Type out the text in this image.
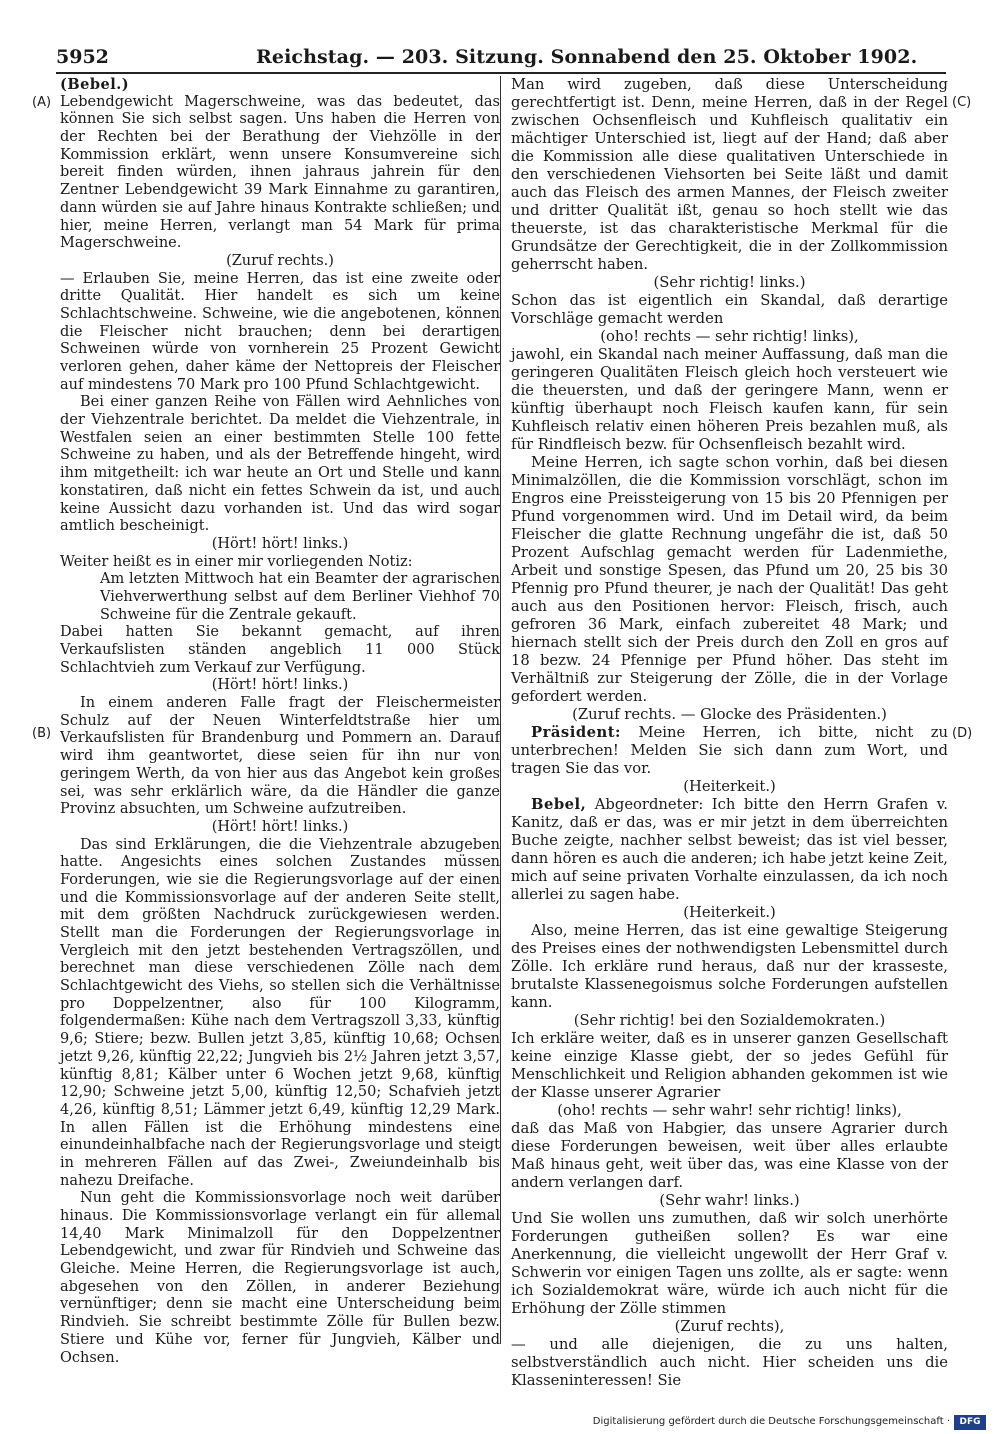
5952	Reichstag. — 203. Sitzung. Sonnabend den 25. Oktober 1902.
(A)
(B)
(C)
(D)

(Bebel.)

Lebendgewicht Magerschweine, was das bedeutet, das können Sie sich selbst sagen. Uns haben die Herren von der Rechten bei der Berathung der Viehzölle in der Kommission erklärt, wenn unsere Konsumvereine sich bereit finden würden, ihnen jahraus jahrein für den Zentner Lebendgewicht 39 Mark Einnahme zu garantiren, dann würden sie auf Jahre hinaus Kontrakte schließen; und hier, meine Herren, verlangt man 54 Mark für prima Magerschweine.

(Zuruf rechts.)

— Erlauben Sie, meine Herren, das ist eine zweite oder dritte Qualität. Hier handelt es sich um keine Schlachtschweine. Schweine, wie die angebotenen, können die Fleischer nicht brauchen; denn bei derartigen Schweinen würde von vornherein 25 Prozent Gewicht verloren gehen, daher käme der Nettopreis der Fleischer auf mindestens 70 Mark pro 100 Pfund Schlachtgewicht.

Bei einer ganzen Reihe von Fällen wird Aehnliches von der Viehzentrale berichtet. Da meldet die Viehzentrale, in Westfalen seien an einer bestimmten Stelle 100 fette Schweine zu haben, und als der Betreffende hingeht, wird ihm mitgetheilt: ich war heute an Ort und Stelle und kann konstatiren, daß nicht ein fettes Schwein da ist, und auch keine Aussicht dazu vorhanden ist. Und das wird sogar amtlich bescheinigt.

(Hört! hört! links.)

Weiter heißt es in einer mir vorliegenden Notiz:

Am letzten Mittwoch hat ein Beamter der agrarischen Viehverwerthung selbst auf dem Berliner Viehhof 70 Schweine für die Zentrale gekauft.

Dabei hatten Sie bekannt gemacht, auf ihren Verkaufslisten ständen angeblich 11 000 Stück Schlachtvieh zum Verkauf zur Verfügung.

(Hört! hört! links.)

In einem anderen Falle fragt der Fleischermeister Schulz auf der Neuen Winterfeldtstraße hier um Verkaufslisten für Brandenburg und Pommern an. Darauf wird ihm geantwortet, diese seien für ihn nur von geringem Werth, da von hier aus das Angebot kein großes sei, was sehr erklärlich wäre, da die Händler die ganze Provinz absuchten, um Schweine aufzutreiben.

(Hört! hört! links.)

Das sind Erklärungen, die die Viehzentrale abzugeben hatte. Angesichts eines solchen Zustandes müssen Forderungen, wie sie die Regierungsvorlage auf der einen und die Kommissionsvorlage auf der anderen Seite stellt, mit dem größten Nachdruck zurückgewiesen werden. Stellt man die Forderungen der Regierungsvorlage in Vergleich mit den jetzt bestehenden Vertragszöllen, und berechnet man diese verschiedenen Zölle nach dem Schlachtgewicht des Viehs, so stellen sich die Verhältnisse pro Doppelzentner, also für 100 Kilogramm, folgendermaßen: Kühe nach dem Vertragszoll 3,33, künftig 9,6; Stiere; bezw. Bullen jetzt 3,85, künftig 10,68; Ochsen jetzt 9,26, künftig 22,22; Jungvieh bis 2½ Jahren jetzt 3,57, künftig 8,81; Kälber unter 6 Wochen jetzt 9,68, künftig 12,90; Schweine jetzt 5,00, künftig 12,50; Schafvieh jetzt 4,26, künftig 8,51; Lämmer jetzt 6,49, künftig 12,29 Mark. In allen Fällen ist die Erhöhung mindestens eine einundeinhalbfache nach der Regierungsvorlage und steigt in mehreren Fällen auf das Zwei-, Zweiundeinhalb bis nahezu Dreifache.

Nun geht die Kommissionsvorlage noch weit darüber hinaus. Die Kommissionsvorlage verlangt ein für allemal 14,40 Mark Minimalzoll für den Doppelzentner Lebendgewicht, und zwar für Rindvieh und Schweine das Gleiche. Meine Herren, die Regierungsvorlage ist auch, abgesehen von den Zöllen, in anderer Beziehung vernünftiger; denn sie macht eine Unterscheidung beim Rindvieh. Sie schreibt bestimmte Zölle für Bullen bezw. Stiere und Kühe vor, ferner für Jungvieh, Kälber und Ochsen.

Man wird zugeben, daß diese Unterscheidung gerechtfertigt ist. Denn, meine Herren, daß in der Regel zwischen Ochsenfleisch und Kuhfleisch qualitativ ein mächtiger Unterschied ist, liegt auf der Hand; daß aber die Kommission alle diese qualitativen Unterschiede in den verschiedenen Viehsorten bei Seite läßt und damit auch das Fleisch des armen Mannes, der Fleisch zweiter und dritter Qualität ißt, genau so hoch stellt wie das theuerste, ist das charakteristische Merkmal für die Grundsätze der Gerechtigkeit, die in der Zollkommission geherrscht haben.

(Sehr richtig! links.)

Schon das ist eigentlich ein Skandal, daß derartige Vorschläge gemacht werden

(oho! rechts — sehr richtig! links),

jawohl, ein Skandal nach meiner Auffassung, daß man die geringeren Qualitäten Fleisch gleich hoch versteuert wie die theuersten, und daß der geringere Mann, wenn er künftig überhaupt noch Fleisch kaufen kann, für sein Kuhfleisch relativ einen höheren Preis bezahlen muß, als für Rindfleisch bezw. für Ochsenfleisch bezahlt wird.

Meine Herren, ich sagte schon vorhin, daß bei diesen Minimalzöllen, die die Kommission vorschlägt, schon im Engros eine Preissteigerung von 15 bis 20 Pfennigen per Pfund vorgenommen wird. Und im Detail wird, da beim Fleischer die glatte Rechnung ungefähr die ist, daß 50 Prozent Aufschlag gemacht werden für Ladenmiethe, Arbeit und sonstige Spesen, das Pfund um 20, 25 bis 30 Pfennig pro Pfund theurer, je nach der Qualität! Das geht auch aus den Positionen hervor: Fleisch, frisch, auch gefroren 36 Mark, einfach zubereitet 48 Mark; und hiernach stellt sich der Preis durch den Zoll en gros auf 18 bezw. 24 Pfennige per Pfund höher. Das steht im Verhältniß zur Steigerung der Zölle, die in der Vorlage gefordert werden.

(Zuruf rechts. — Glocke des Präsidenten.)

Präsident: Meine Herren, ich bitte, nicht zu unterbrechen! Melden Sie sich dann zum Wort, und tragen Sie das vor.

(Heiterkeit.)

Bebel, Abgeordneter: Ich bitte den Herrn Grafen v. Kanitz, daß er das, was er mir jetzt in dem überreichten Buche zeigte, nachher selbst beweist; das ist viel besser, dann hören es auch die anderen; ich habe jetzt keine Zeit, mich auf seine privaten Vorhalte einzulassen, da ich noch allerlei zu sagen habe.

(Heiterkeit.)

Also, meine Herren, das ist eine gewaltige Steigerung des Preises eines der nothwendigsten Lebensmittel durch Zölle. Ich erkläre rund heraus, daß nur der krasseste, brutalste Klassenegoismus solche Forderungen aufstellen kann.

(Sehr richtig! bei den Sozialdemokraten.)

Ich erkläre weiter, daß es in unserer ganzen Gesellschaft keine einzige Klasse giebt, der so jedes Gefühl für Menschlichkeit und Religion abhanden gekommen ist wie der Klasse unserer Agrarier

(oho! rechts — sehr wahr! sehr richtig! links),

daß das Maß von Habgier, das unsere Agrarier durch diese Forderungen beweisen, weit über alles erlaubte Maß hinaus geht, weit über das, was eine Klasse von der andern verlangen darf.

(Sehr wahr! links.)

Und Sie wollen uns zumuthen, daß wir solch unerhörte Forderungen gutheißen sollen? Es war eine Anerkennung, die vielleicht ungewollt der Herr Graf v. Schwerin vor einigen Tagen uns zollte, als er sagte: wenn ich Sozialdemokrat wäre, würde ich auch nicht für die Erhöhung der Zölle stimmen

(Zuruf rechts),

— und alle diejenigen, die zu uns halten, selbstverständlich auch nicht. Hier scheiden uns die Klasseninteressen! Sie

Digitalisierung gefördert durch die Deutsche Forschungsgemeinschaft ·	DFG
